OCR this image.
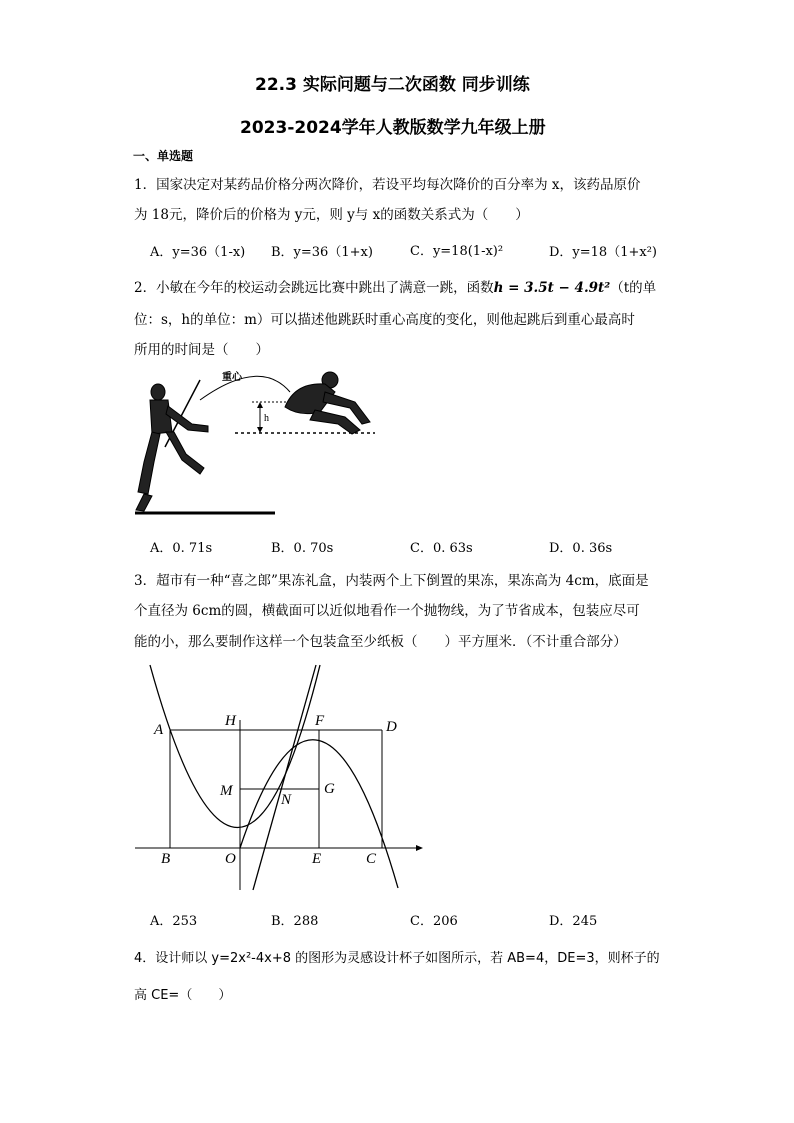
22.3 实际问题与二次函数 同步训练
2023-2024学年人教版数学九年级上册
一、单选题
1．国家决定对某药品价格分两次降价，若设平均每次降价的百分率为 x，该药品原价
为 18元，降价后的价格为 y元，则 y与 x的函数关系式为（　　）
A．y=36（1-x) B．y=36（1+x)	C．y=18(1-x)²	D．y=18（1+x²)
2．小敏在今年的校运动会跳远比赛中跳出了满意一跳，函数h = 3.5t − 4.9t²（t的单
位：s，h的单位：m）可以描述他跳跃时重心高度的变化，则他起跳后到重心最高时
所用的时间是（　　）
h
重心
A．0. 71s	B．0. 70s	C．0. 63s	D．0. 36s
3．超市有一种“喜之郎”果冻礼盒，内装两个上下倒置的果冻，果冻高为 4cm，底面是
个直径为 6cm的圆，横截面可以近似地看作一个抛物线，为了节省成本，包装应尽可
能的小，那么要制作这样一个包装盒至少纸板（　　）平方厘米．（不计重合部分）
A
H	F	D
M
N
G
B	O	E	C
A．253	B．288	C．206	D．245
4．设计师以 y=2x²-4x+8 的图形为灵感设计杯子如图所示，若 AB=4，DE=3，则杯子的
高 CE=（　　）
